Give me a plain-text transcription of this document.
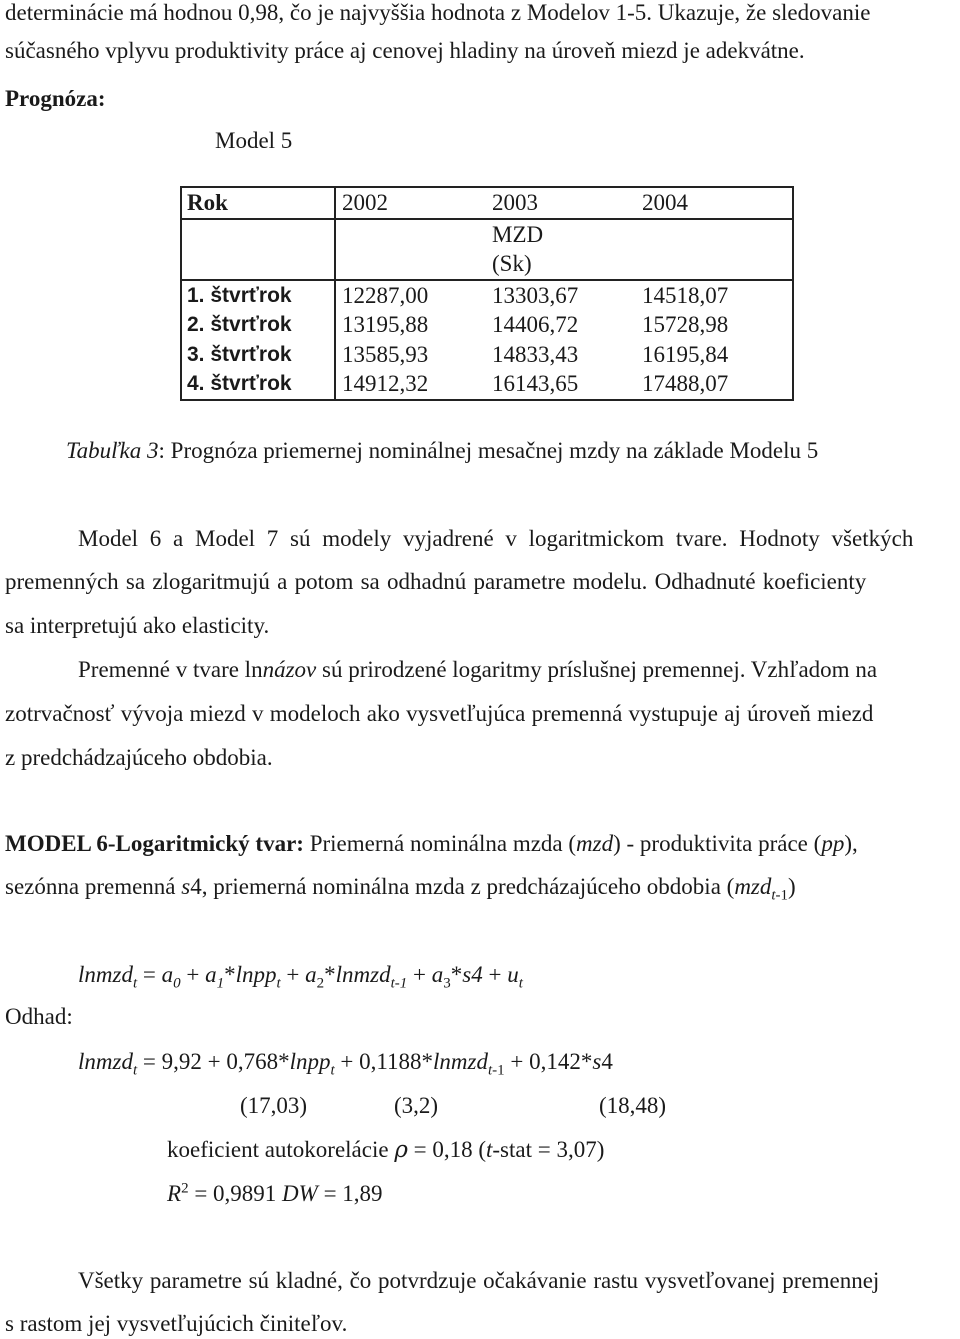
determinácie má hodnou 0,98, čo je najvyššia hodnota z Modelov 1-5. Ukazuje, že sledovanie
súčasného vplyvu produktivity práce aj cenovej hladiny na úroveň miezd je adekvátne.
Prognóza:
Model 5
Rok	2002	2003	2004

		MZD
(Sk)	

1. štvrťrok	12287,00	13303,67	14518,07
2. štvrťrok	13195,88	14406,72	15728,98
3. štvrťrok	13585,93	14833,43	16195,84
4. štvrťrok	14912,32	16143,65	17488,07
Tabuľka 3: Prognóza priemernej nominálnej mesačnej mzdy na základe Modelu 5
Model 6 a Model 7 sú modely vyjadrené v logaritmickom tvare. Hodnoty všetkých
premenných sa zlogaritmujú a potom sa odhadnú parametre modelu. Odhadnuté koeficienty
sa interpretujú ako elasticity.
Premenné v tvare lnnázov sú prirodzené logaritmy príslušnej premennej. Vzhľadom na
zotrvačnosť vývoja miezd v modeloch ako vysvetľujúca premenná vystupuje aj úroveň miezd
z predchádzajúceho obdobia.
MODEL 6-Logaritmický tvar: Priemerná nominálna mzda (mzd) - produktivita práce (pp),
sezónna premenná s4, priemerná nominálna mzda z predcházajúceho obdobia (mzd$_{t-1}$)
lnmzd$_t$ = $a_0$ + $a_1*lnpp_t$ + $a_2*lnmzd_{t-1} + a_3*s4 + u_t$
Odhad:
lnmzd$_t$ = 9,92 + 0,768*lnpp$_t$ + 0,1188*lnmzd$_{t-1}$ + 0,142*s4
(17,03)	(3,2)	(18,48)
koeficient autokorelácie ρ = 0,18 (t-stat = 3,07)
$R^2 = 0,9891$ DW = 1,89
Všetky parametre sú kladné, čo potvrdzuje očakávanie rastu vysvetľovanej premennej
s rastom jej vysvetľujúcich činiteľov.
